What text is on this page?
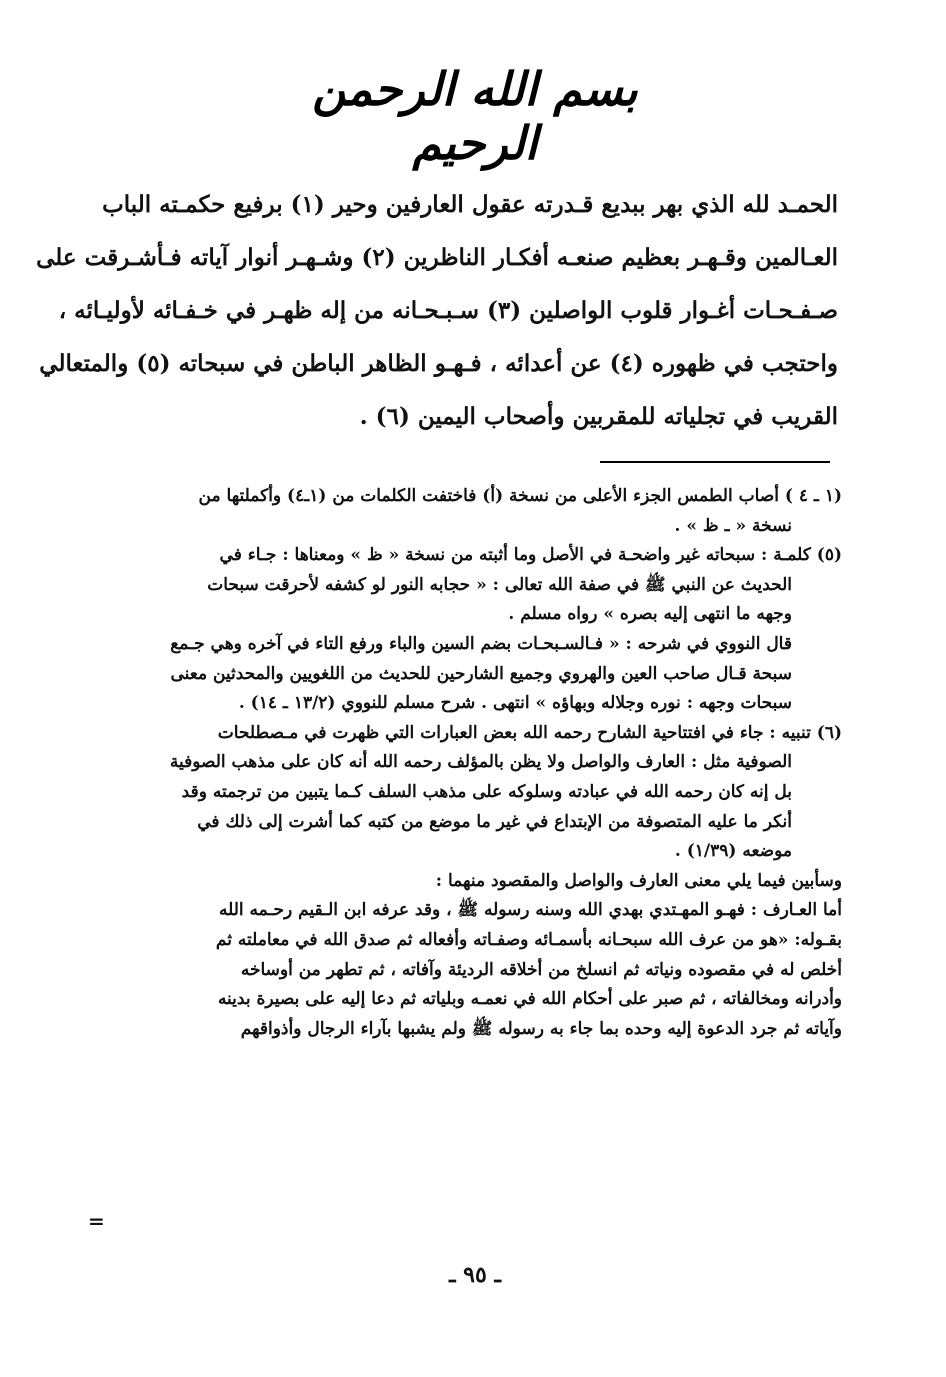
بسم الله الرحمن الرحيم
الحمـد لله الذي بهر ببديع قـدرته عقول العارفين وحير (١) برفيع حكمـته الباب
العـالمين وقـهـر بعظيم صنعـه أفكـار الناظرين (٢) وشـهـر أنوار آياته فـأشـرقت على
صـفـحـات أغـوار قلوب الواصلين (٣) سـبـحـانه من إله ظهـر في خـفـائه لأوليـائه ،
واحتجب في ظهوره (٤) عن أعدائه ، فـهـو الظاهر الباطن في سبحاته (٥) والمتعالي
القريب في تجلياته للمقربين وأصحاب اليمين (٦) .
(١ ـ ٤ ) أصاب الطمس الجزء الأعلى من نسخة (أ) فاختفت الكلمات من (١ـ٤) وأكملتها من
نسخة « ـ ظ » .
(٥) كلمـة : سبحاته غير واضحـة في الأصل وما أثبته من نسخة « ظ » ومعناها : جـاء في
الحديث عن النبي ﷺ في صفة الله تعالى : « حجابه النور لو كشفه لأحرقت سبحات
وجهه ما انتهى إليه بصره » رواه مسلم .
قال النووي في شرحه : « فـالسـبحـات بضم السين والباء ورفع التاء في آخره وهي جـمع
سبحة قـال صاحب العين والهروي وجميع الشارحين للحديث من اللغويين والمحدثين معنى
سبحات وجهه : نوره وجلاله وبهاؤه » انتهى . شرح مسلم للنووي (١٣/٢ ـ ١٤) .
(٦) تنبيه : جاء في افتتاحية الشارح رحمه الله بعض العبارات التي ظهرت في مـصطلحات
الصوفية مثل : العارف والواصل ولا يظن بالمؤلف رحمه الله أنه كان على مذهب الصوفية
بل إنه كان رحمه الله في عبادته وسلوكه على مذهب السلف كـما يتبين من ترجمته وقد
أنكر ما عليه المتصوفة من الإبتداع في غير ما موضع من كتبه كما أشرت إلى ذلك في
موضعه (١/٣٩) .
وسأبين فيما يلي معنى العارف والواصل والمقصود منهما :
أما العـارف : فهـو المهـتدي بهدي الله وسنه رسوله ﷺ ، وقد عرفه ابن الـقيم رحـمه الله
بقـوله: «هو من عرف الله سبحـانه بأسمـائه وصفـاته وأفعاله ثم صدق الله في معاملته ثم
أخلص له في مقصوده ونياته ثم انسلخ من أخلاقه الرديئة وآفاته ، ثم تطهر من أوساخه
وأدرانه ومخالفاته ، ثم صبر على أحكام الله في نعمـه وبلياته ثم دعا إليه على بصيرة بدينه
وآياته ثم جرد الدعوة إليه وحده بما جاء به رسوله ﷺ ولم يشبها بآراء الرجال وأذواقهم
=
ـ ٩٥ ـ
